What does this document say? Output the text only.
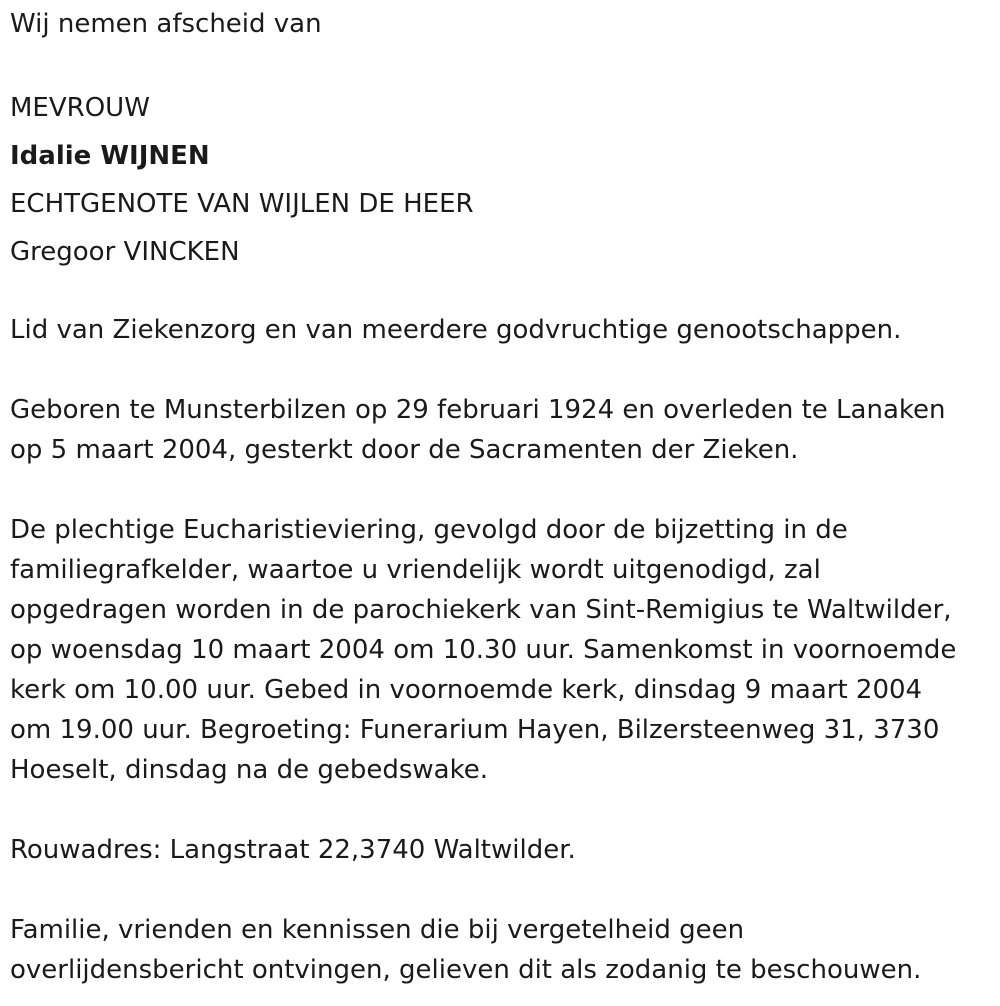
Wij nemen afscheid van

MEVROUW

Idalie WIJNEN

ECHTGENOTE VAN WIJLEN DE HEER

Gregoor VINCKEN

Lid van Ziekenzorg en van meerdere godvruchtige genootschappen.

Geboren te Munsterbilzen op 29 februari 1924 en overleden te Lanaken

op 5 maart 2004, gesterkt door de Sacramenten der Zieken.

De plechtige Eucharistieviering, gevolgd door de bijzetting in de

familiegrafkelder, waartoe u vriendelijk wordt uitgenodigd, zal

opgedragen worden in de parochiekerk van Sint-Remigius te Waltwilder,

op woensdag 10 maart 2004 om 10.30 uur. Samenkomst in voornoemde

kerk om 10.00 uur. Gebed in voornoemde kerk, dinsdag 9 maart 2004

om 19.00 uur. Begroeting: Funerarium Hayen, Bilzersteenweg 31, 3730

Hoeselt, dinsdag na de gebedswake.

Rouwadres: Langstraat 22,3740 Waltwilder.

Familie, vrienden en kennissen die bij vergetelheid geen

overlijdensbericht ontvingen, gelieven dit als zodanig te beschouwen.
